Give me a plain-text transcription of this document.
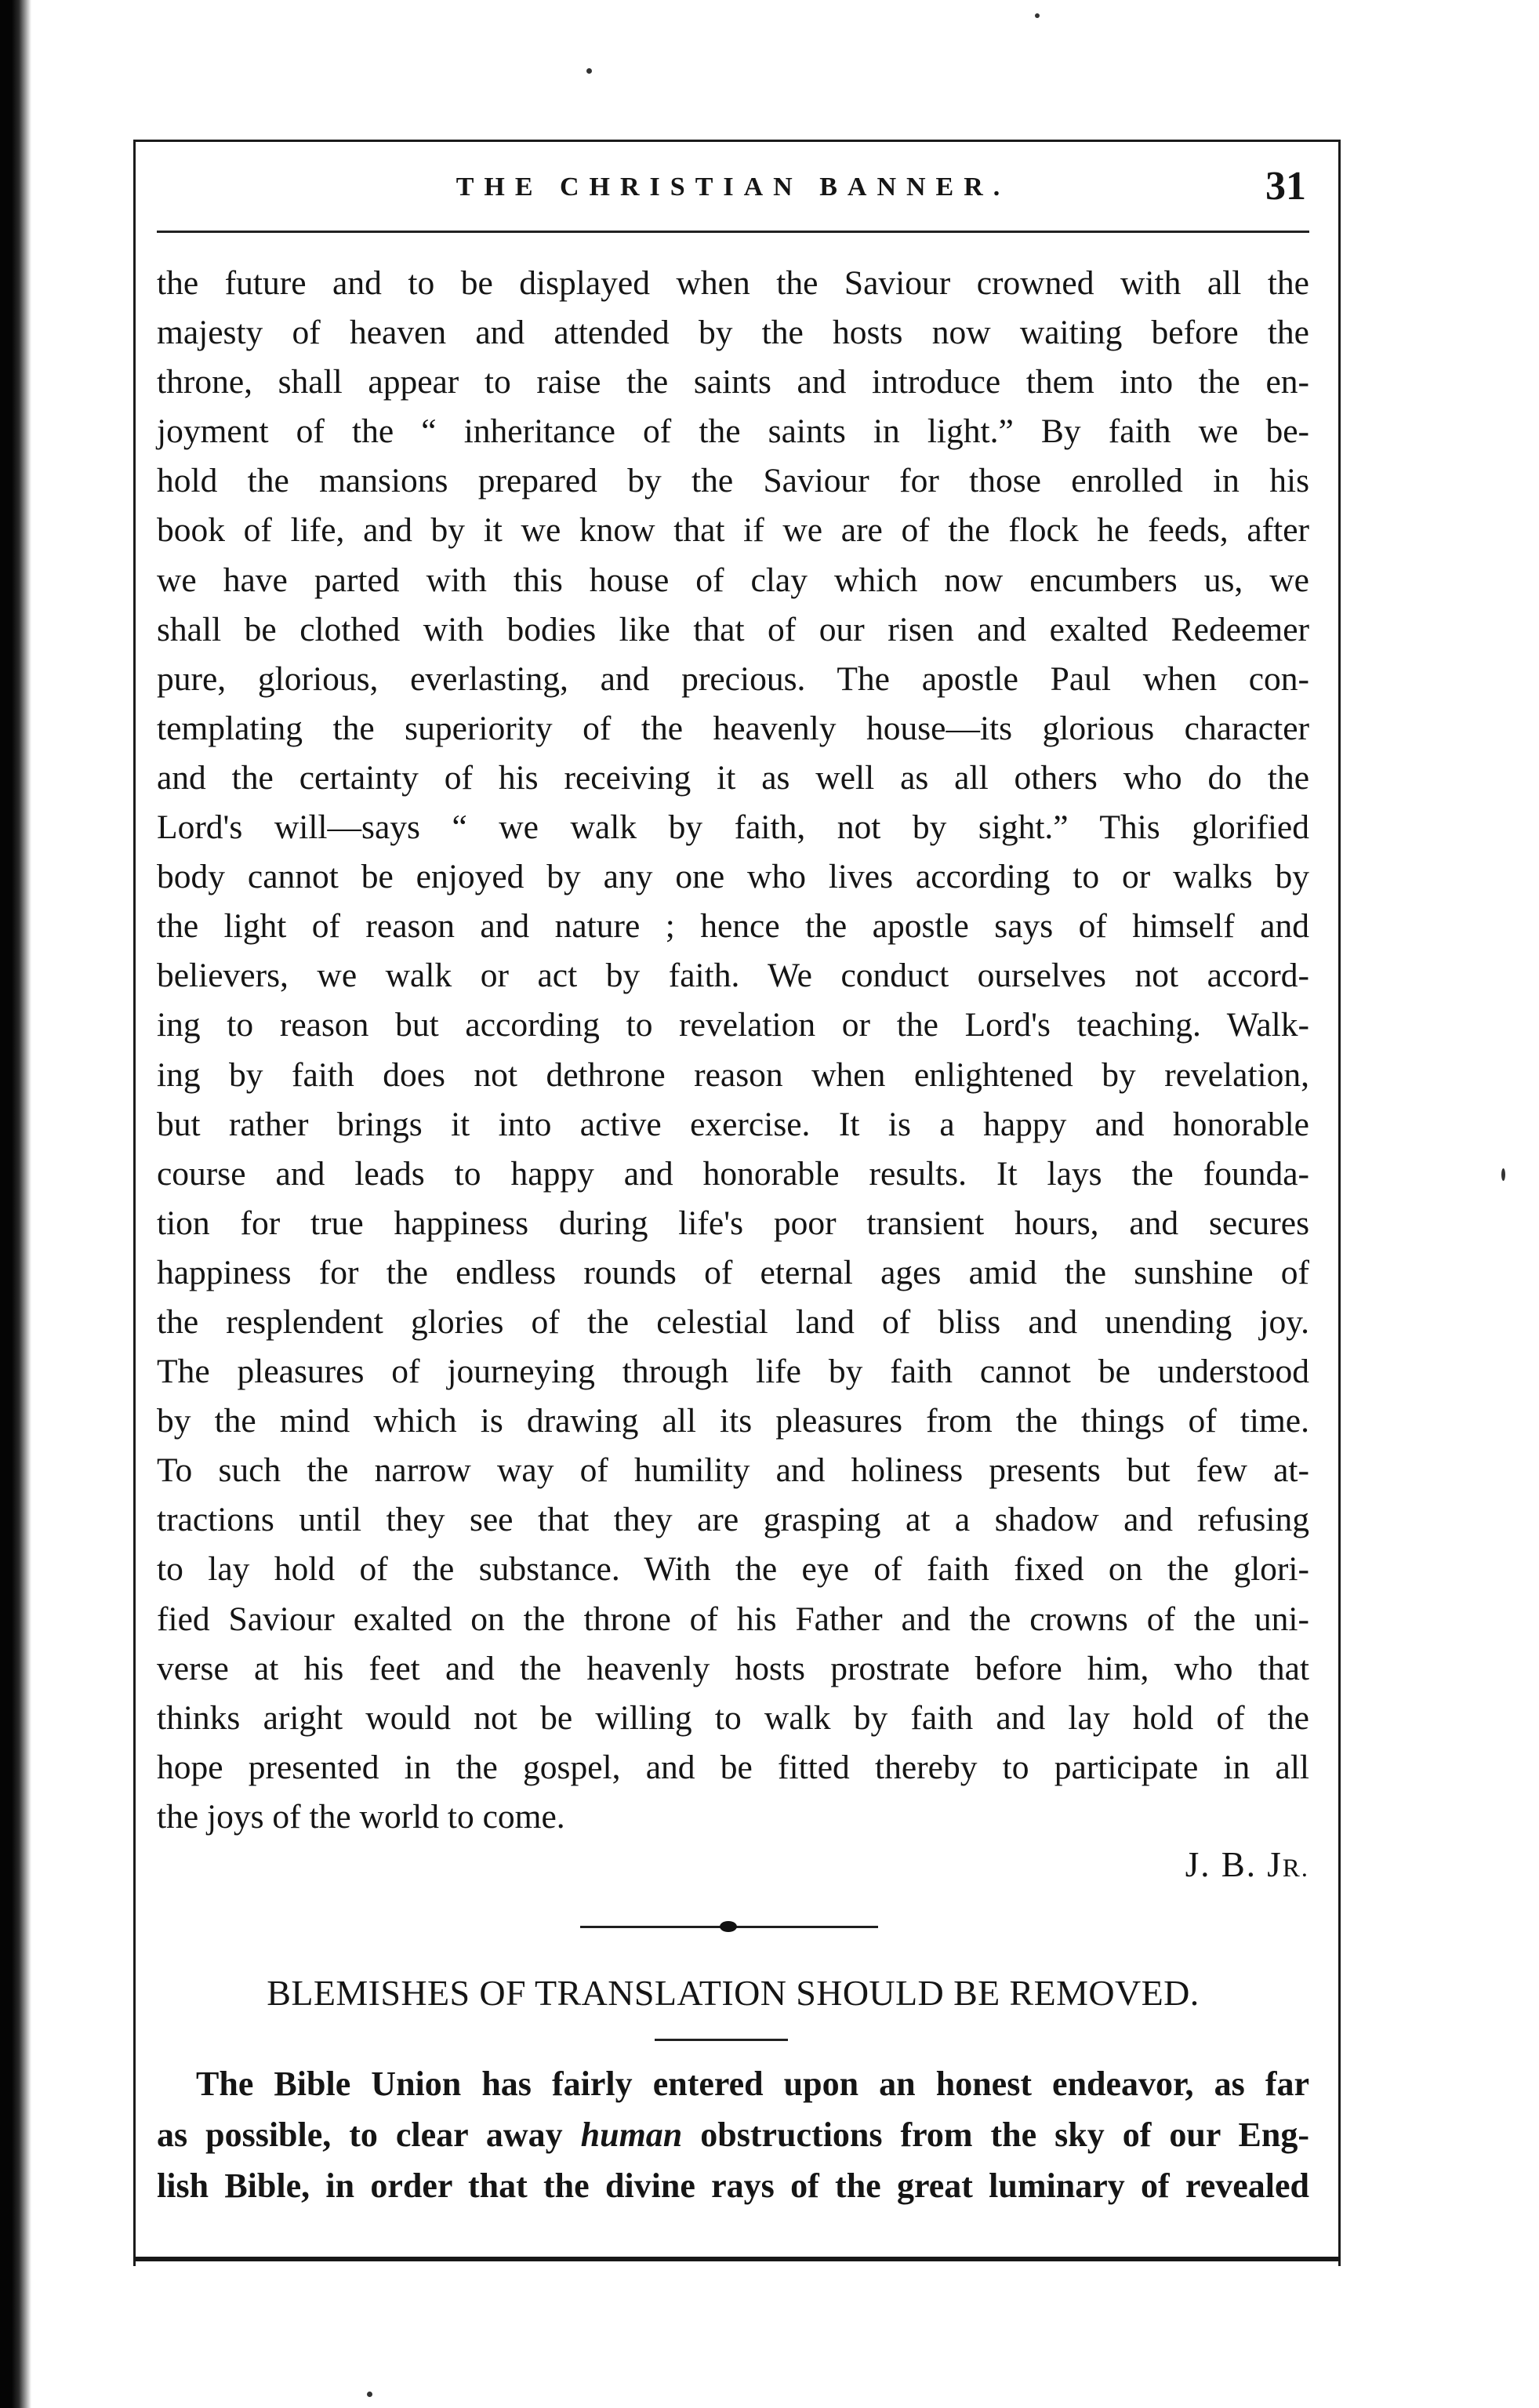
THE CHRISTIAN BANNER.	31
the future and to be displayed when the Saviour crowned with all the
majesty of heaven and attended by the hosts now waiting before the
throne, shall appear to raise the saints and introduce them into the en-
joyment of the “ inheritance of the saints in light.” By faith we be-
hold the mansions prepared by the Saviour for those enrolled in his
book of life, and by it we know that if we are of the flock he feeds, after
we have parted with this house of clay which now encumbers us, we
shall be clothed with bodies like that of our risen and exalted Redeemer
pure, glorious, everlasting, and precious. The apostle Paul when con-
templating the superiority of the heavenly house—its glorious character
and the certainty of his receiving it as well as all others who do the
Lord's will—says “ we walk by faith, not by sight.” This glorified
body cannot be enjoyed by any one who lives according to or walks by
the light of reason and nature ; hence the apostle says of himself and
believers, we walk or act by faith. We conduct ourselves not accord-
ing to reason but according to revelation or the Lord's teaching. Walk-
ing by faith does not dethrone reason when enlightened by revelation,
but rather brings it into active exercise. It is a happy and honorable
course and leads to happy and honorable results. It lays the founda-
tion for true happiness during life's poor transient hours, and secures
happiness for the endless rounds of eternal ages amid the sunshine of
the resplendent glories of the celestial land of bliss and unending joy.
The pleasures of journeying through life by faith cannot be understood
by the mind which is drawing all its pleasures from the things of time.
To such the narrow way of humility and holiness presents but few at-
tractions until they see that they are grasping at a shadow and refusing
to lay hold of the substance. With the eye of faith fixed on the glori-
fied Saviour exalted on the throne of his Father and the crowns of the uni-
verse at his feet and the heavenly hosts prostrate before him, who that
thinks aright would not be willing to walk by faith and lay hold of the
hope presented in the gospel, and be fitted thereby to participate in all
the joys of the world to come.
J. B. JR.
BLEMISHES OF TRANSLATION SHOULD BE REMOVED.
The Bible Union has fairly entered upon an honest endeavor, as far
as possible, to clear away human obstructions from the sky of our Eng-
lish Bible, in order that the divine rays of the great luminary of revealed
